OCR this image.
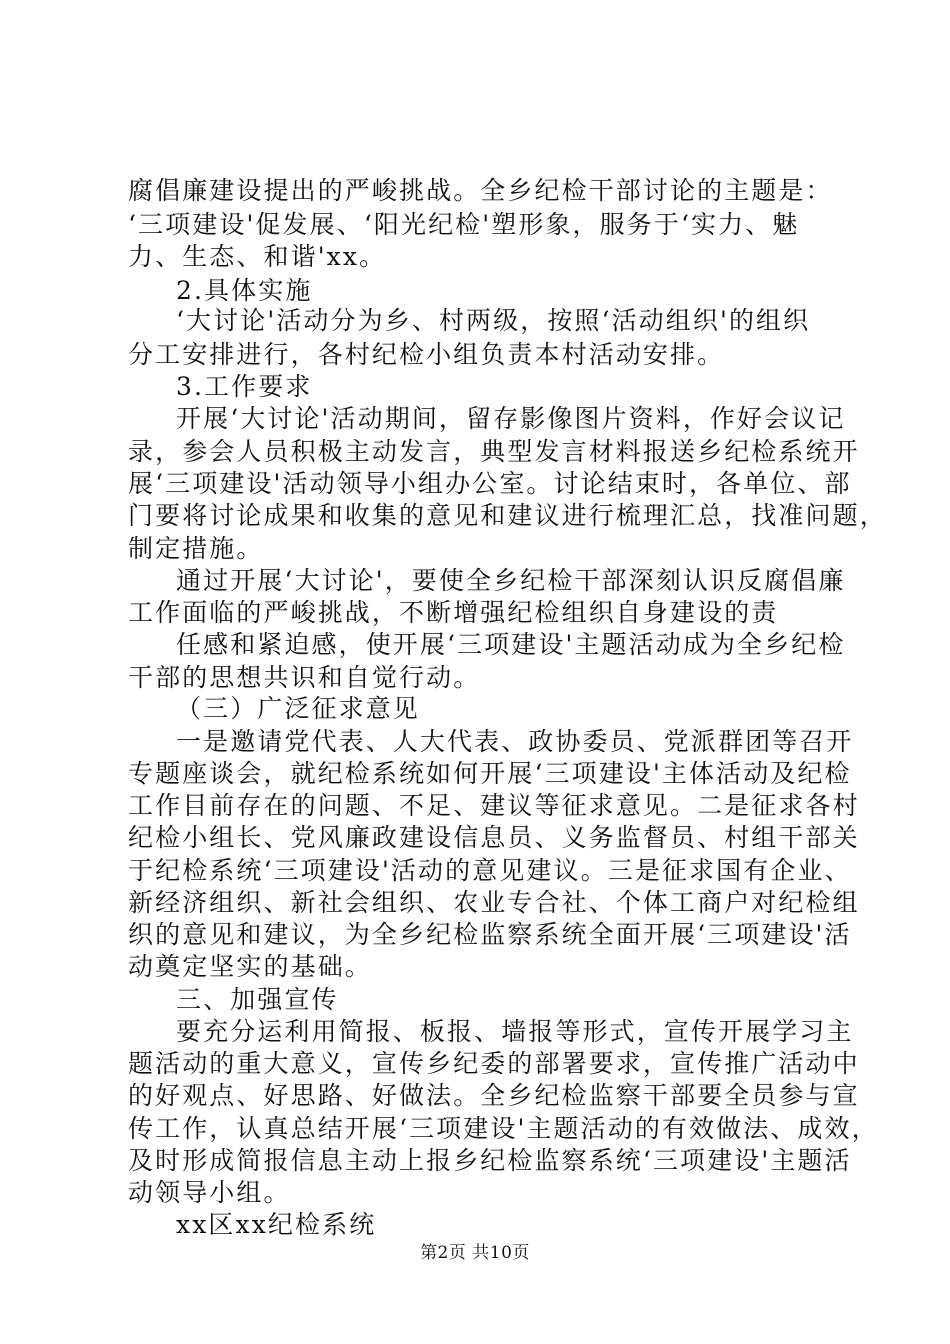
腐倡廉建设提出的严峻挑战。全乡纪检干部讨论的主题是：
‘三项建设'促发展、‘阳光纪检'塑形象，服务于‘实力、魅
力、生态、和谐'xx。
2.具体实施
‘大讨论'活动分为乡、村两级，按照‘活动组织'的组织
分工安排进行，各村纪检小组负责本村活动安排。
3.工作要求
开展‘大讨论'活动期间，留存影像图片资料，作好会议记
录，参会人员积极主动发言，典型发言材料报送乡纪检系统开
展‘三项建设'活动领导小组办公室。讨论结束时，各单位、部
门要将讨论成果和收集的意见和建议进行梳理汇总，找准问题，
制定措施。
通过开展‘大讨论'，要使全乡纪检干部深刻认识反腐倡廉
工作面临的严峻挑战，不断增强纪检组织自身建设的责
任感和紧迫感，使开展‘三项建设'主题活动成为全乡纪检
干部的思想共识和自觉行动。
（三）广泛征求意见
一是邀请党代表、人大代表、政协委员、党派群团等召开
专题座谈会，就纪检系统如何开展‘三项建设'主体活动及纪检
工作目前存在的问题、不足、建议等征求意见。二是征求各村
纪检小组长、党风廉政建设信息员、义务监督员、村组干部关
于纪检系统‘三项建设'活动的意见建议。三是征求国有企业、
新经济组织、新社会组织、农业专合社、个体工商户对纪检组
织的意见和建议，为全乡纪检监察系统全面开展‘三项建设'活
动奠定坚实的基础。
三、加强宣传
要充分运利用简报、板报、墙报等形式，宣传开展学习主
题活动的重大意义，宣传乡纪委的部署要求，宣传推广活动中
的好观点、好思路、好做法。全乡纪检监察干部要全员参与宣
传工作，认真总结开展‘三项建设'主题活动的有效做法、成效，
及时形成简报信息主动上报乡纪检监察系统‘三项建设'主题活
动领导小组。
xx区xx纪检系统
第2页 共10页
